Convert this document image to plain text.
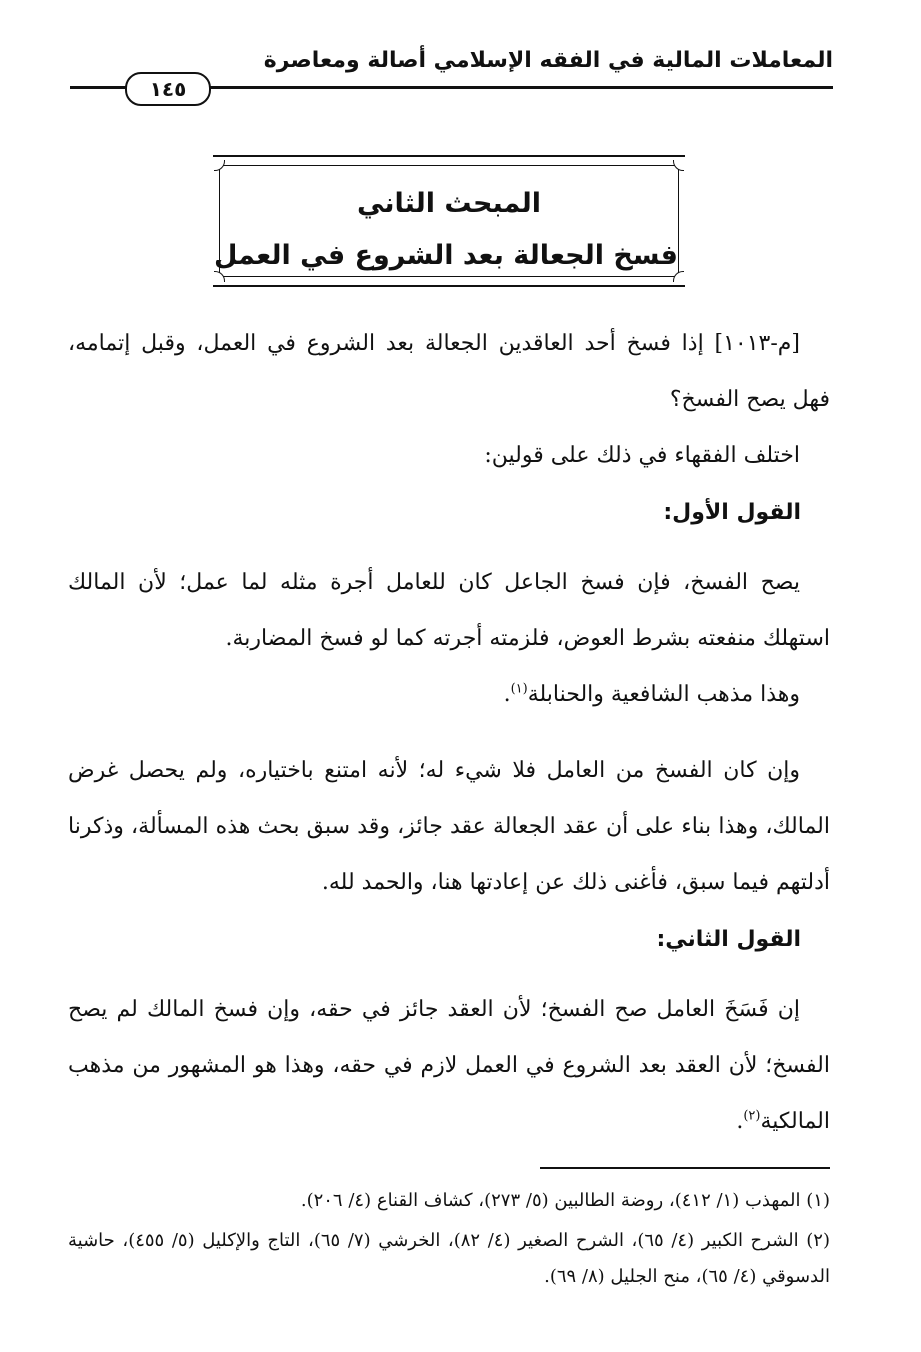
المعاملات المالية في الفقه الإسلامي أصالة ومعاصرة
١٤٥
المبحث الثاني
فسخ الجعالة بعد الشروع في العمل
[م-١٠١٣] إذا فسخ أحد العاقدين الجعالة بعد الشروع في العمل، وقبل إتمامه، فهل يصح الفسخ؟
اختلف الفقهاء في ذلك على قولين:
القول الأول:
يصح الفسخ، فإن فسخ الجاعل كان للعامل أجرة مثله لما عمل؛ لأن المالك استهلك منفعته بشرط العوض، فلزمته أجرته كما لو فسخ المضاربة.
وهذا مذهب الشافعية والحنابلة$^{(١)}$.
وإن كان الفسخ من العامل فلا شيء له؛ لأنه امتنع باختياره، ولم يحصل غرض المالك، وهذا بناء على أن عقد الجعالة عقد جائز، وقد سبق بحث هذه المسألة، وذكرنا أدلتهم فيما سبق، فأغنى ذلك عن إعادتها هنا، والحمد لله.
القول الثاني:
إن فَسَخَ العامل صح الفسخ؛ لأن العقد جائز في حقه، وإن فسخ المالك لم يصح الفسخ؛ لأن العقد بعد الشروع في العمل لازم في حقه، وهذا هو المشهور من مذهب المالكية$^{(٢)}$.
(١) المهذب (١/ ٤١٢)، روضة الطالبين (٥/ ٢٧٣)، كشاف القناع (٤/ ٢٠٦).
(٢) الشرح الكبير (٤/ ٦٥)، الشرح الصغير (٤/ ٨٢)، الخرشي (٧/ ٦٥)، التاج والإكليل (٥/ ٤٥٥)، حاشية الدسوقي (٤/ ٦٥)، منح الجليل (٨/ ٦٩).
